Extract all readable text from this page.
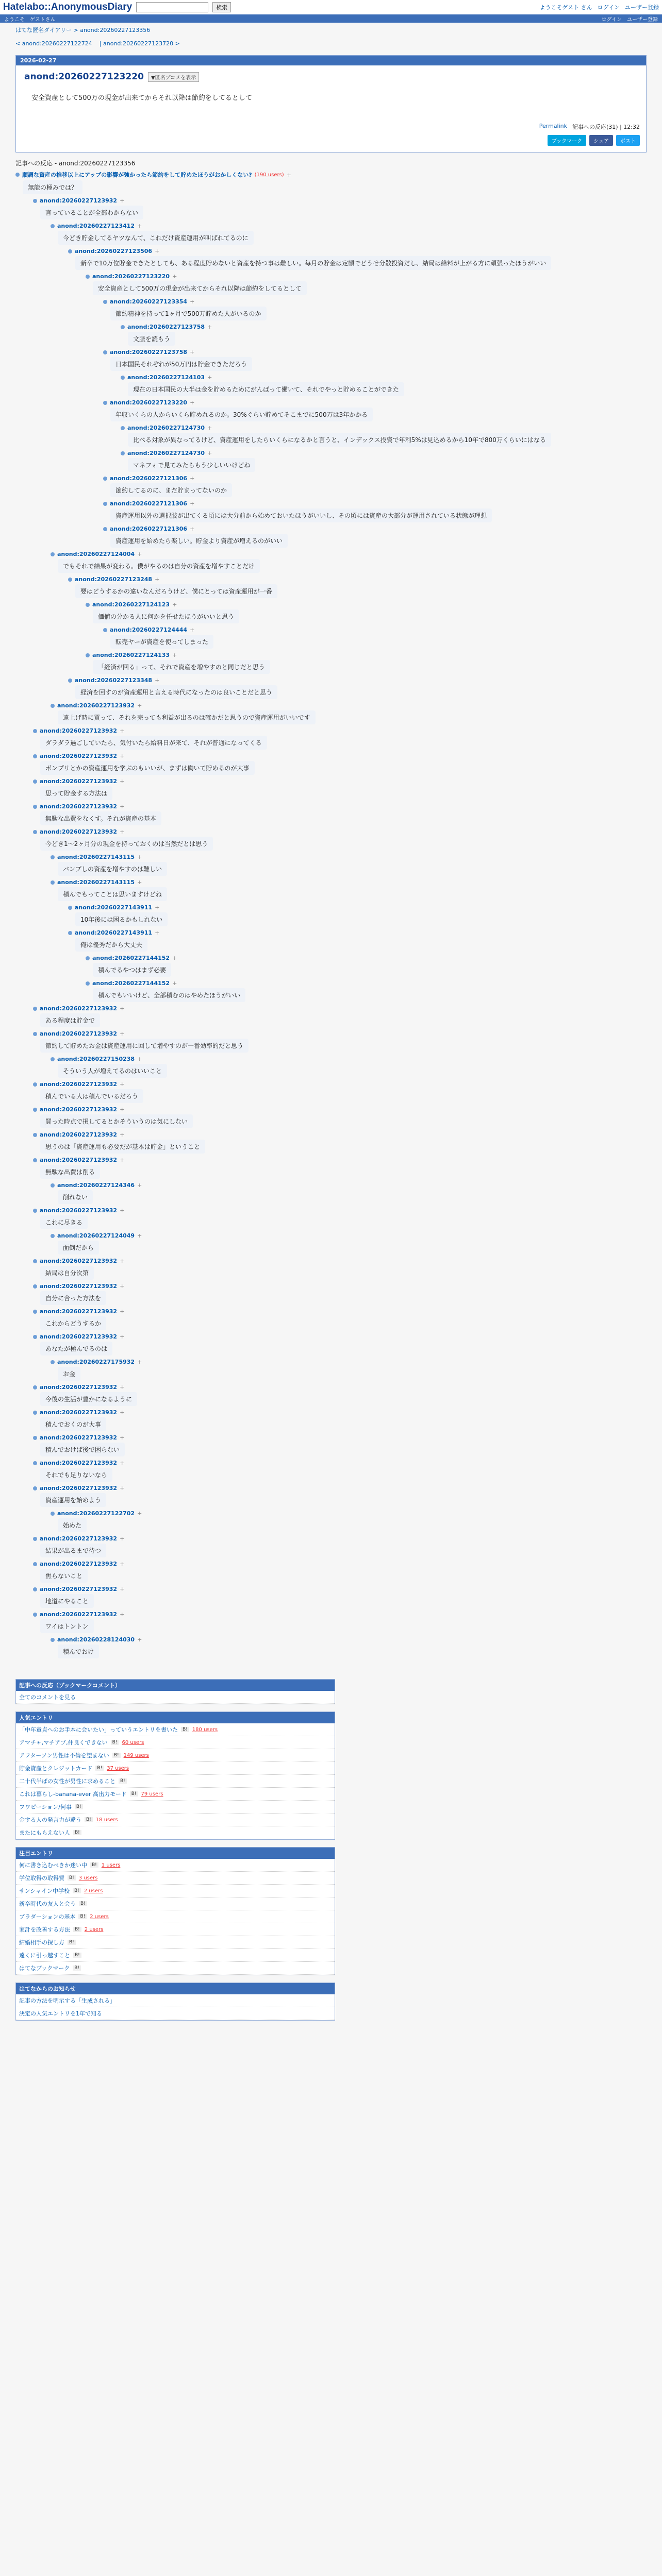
Hatelabo::AnonymousDiary	検索	ようこそゲスト さん ログイン ユーザー登録
ようこそ ゲストさん	ログイン ユーザー登録
はてな匿名ダイアリー > anond:20260227123356
< anond:20260227122724 | anond:20260227123720 >
2026-02-27
anond:20260227123220	▼匿名ブコメを表示
安全資産として500万の現金が出来てからそれ以降は節約をしてるとして
Permalink 記事への反応(31) | 12:32
ブックマーク	シェア	ポスト
記事への反応 - anond:20260227123356
順調な資産の推移以上にアップの影響が強かったら節約をして貯めたほうがおかしくない? (190 users) +
無能の極みでは？
anond:20260227123932 +
言っていることが全部わからない
anond:20260227123412 +
今どき貯金してるヤツなんて、これだけ資産運用が叫ばれてるのに
anond:20260227123506 +
新卒で10万位貯金できたとしても、ある程度貯めないと資産を持つ事は難しい。毎月の貯金は定額でどうせ分散投資だし、結局は給料が上がる方に頑張ったほうがいい
anond:20260227123220 +
安全資産として500万の現金が出来てからそれ以降は節約をしてるとして
anond:20260227123354 +
節約精神を持って1ヶ月で500万貯めた人がいるのか
anond:20260227123758 +
文脈を読もう
anond:20260227123758 +
日本国民それぞれが50万円は貯金できただろう
anond:20260227124103 +
現在の日本国民の大半は金を貯めるためにがんばって働いて、それでやっと貯めることができた
anond:20260227123220 +
年収いくらの人からいくら貯めれるのか。30%ぐらい貯めてそこまでに500万は3年かかる
anond:20260227124730 +
比べる対象が異なってるけど、資産運用をしたらいくらになるかと言うと、インデックス投資で年利5%は見込めるから10年で800万くらいにはなる
anond:20260227124730 +
マネフォで見てみたらもう少しいいけどね
anond:20260227121306 +
節約してるのに、まだ貯まってないのか
anond:20260227121306 +
資産運用以外の選択肢が出てくる頃には大分前から始めておいたほうがいいし、その頃には資産の大部分が運用されている状態が理想
anond:20260227121306 +
資産運用を始めたら楽しい。貯金より資産が増えるのがいい
anond:20260227124004 +
でもそれで結果が変わる。僕がやるのは自分の資産を増やすことだけ
anond:20260227123248 +
要はどうするかの違いなんだろうけど、僕にとっては資産運用が一番
anond:20260227124123 +
価値の分かる人に何かを任せたほうがいいと思う
anond:20260227124444 +
転売ヤーが資産を使ってしまった
anond:20260227124133 +
「経済が回る」って、それで資産を増やすのと同じだと思う
anond:20260227123348 +
経済を回すのが資産運用と言える時代になったのは良いことだと思う
anond:20260227123932 +
遠上げ時に買って、それを売っても利益が出るのは確かだと思うので資産運用がいいです
anond:20260227123932 +
ダラダラ過ごしていたら、気付いたら給料日が来て、それが普通になってくる
anond:20260227123932 +
ボンプリとかの資産運用を学ぶのもいいが、まずは働いて貯めるのが大事
anond:20260227123932 +
思って貯金する方法は
anond:20260227123932 +
無駄な出費をなくす。それが資産の基本
anond:20260227123932 +
今どき1〜2ヶ月分の現金を持っておくのは当然だとは思う
anond:20260227143115 +
バンプしの資産を増やすのは難しい
anond:20260227143115 +
積んでもってことは思いますけどね
anond:20260227143911 +
10年後には困るかもしれない
anond:20260227143911 +
俺は優秀だから大丈夫
anond:20260227144152 +
積んでるやつはまず必要
anond:20260227144152 +
積んでもいいけど、全部積むのはやめたほうがいい
anond:20260227123932 +
ある程度は貯金で
anond:20260227123932 +
節約して貯めたお金は資産運用に回して増やすのが一番効率的だと思う
anond:20260227150238 +
そういう人が増えてるのはいいこと
anond:20260227123932 +
積んでいる人は積んでいるだろう
anond:20260227123932 +
買った時点で損してるとかそういうのは気にしない
anond:20260227123932 +
思うのは「資産運用も必要だが基本は貯金」ということ
anond:20260227123932 +
無駄な出費は削る
anond:20260227124346 +
削れない
anond:20260227123932 +
これに尽きる
anond:20260227124049 +
面倒だから
anond:20260227123932 +
結局は自分次第
anond:20260227123932 +
自分に合った方法を
anond:20260227123932 +
これからどうするか
anond:20260227123932 +
あなたが極んでるのは
anond:20260227175932 +
お金
anond:20260227123932 +
今後の生活が豊かになるように
anond:20260227123932 +
積んでおくのが大事
anond:20260227123932 +
積んでおけば後で困らない
anond:20260227123932 +
それでも足りないなら
anond:20260227123932 +
資産運用を始めよう
anond:20260227122702 +
始めた
anond:20260227123932 +
結果が出るまで待つ
anond:20260227123932 +
焦らないこと
anond:20260227123932 +
地道にやること
anond:20260227123932 +
ワイはトントン
anond:20260228124030 +
積んでおけ
記事への反応（ブックマークコメント）
全てのコメントを見る
人気エントリ
「中年童貞へのお手本に会いたい」っていうエントリを書いた	B! 180 users
アマチャ,マチアプ,仲良くできない	B! 60 users
アフターソン男性は不倫を望まない	B! 149 users
貯金資産とクレジットカード	B! 37 users
二十代半ばの女性が男性に求めること	B!
これは暮らし-banana-ever 高出力モード	B! 79 users
フワピーション/何事	B!
金する人の発言力が違う	B! 18 users
またにもらえない人	B!
注目エントリ
何に書き込むべきか迷い中	B! 1 users
学位取得の取得費	B! 3 users
サンシャイン中学校	B! 2 users
新卒時代の友人と会う	B!
ブラダーションの基本	B! 2 users
家計を改善する方法	B! 2 users
結婚相手の探し方	B!
遠くに引っ越すこと	B!
はてなブックマーク	B!
はてなからのお知らせ
記事の方法を明示する「生成される」
決定の人気エントリを1年で知る
